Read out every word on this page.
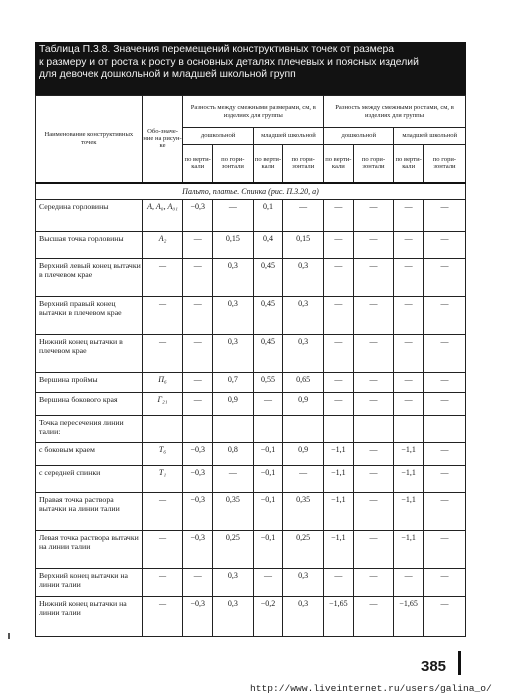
Таблица П.3.8. Значения перемещений конструктивных точек от размера
к размеру и от роста к росту в основных деталях плечевых и поясных изделий
для девочек дошкольной и младшей школьной групп
Наименование конструктивных точек	Обо-значе-ние на рисун-ке	Разность между смежными размерами, см, в изделиях для группы				Разность между смежными ростами, см, в изделиях для группы			
		дошкольной		младшей школьной		дошкольной		младшей школьной	
		по верти-кали	по гори-зонтали	по верти-кали	по гори-зонтали	по верти-кали	по гори-зонтали	по верти-кали	по гори-зонтали
Пальто, платье. Спинка (рис. П.3.20, а)									
Середина горловины	A, A₀, A₀₁	−0,3	—	0,1	—	—	—	—	—
Высшая точка горловины	A₂	—	0,15	0,4	0,15	—	—	—	—
Верхний левый конец вытачки в плечевом крае	—	—	0,3	0,45	0,3	—	—	—	—
Верхний правый конец вытачки в плечевом крае	—	—	0,3	0,45	0,3	—	—	—	—
Нижний конец вытачки в плечевом крае	—	—	0,3	0,45	0,3	—	—	—	—
Вершина проймы	П₆	—	0,7	0,55	0,65	—	—	—	—
Вершина бокового края	Г₂₁	—	0,9	—	0,9	—	—	—	—
Точка пересечения линии талии:									
с боковым краем	Т₆	−0,3	0,8	−0,1	0,9	−1,1	—	−1,1	—
с середней спинки	Т₁	−0,3	—	−0,1	—	−1,1	—	−1,1	—
Правая точка раствора вытачки на линии талии	—	−0,3	0,35	−0,1	0,35	−1,1	—	−1,1	—
Левая точка раствора вытачки на линии талии	—	−0,3	0,25	−0,1	0,25	−1,1	—	−1,1	—
Верхний конец вытачки на линии талии	—	—	0,3	—	0,3	—	—	—	—
Нижний конец вытачки на линии талии	—	−0,3	0,3	−0,2	0,3	−1,65	—	−1,65	—
385
http://www.liveinternet.ru/users/galina_o/
